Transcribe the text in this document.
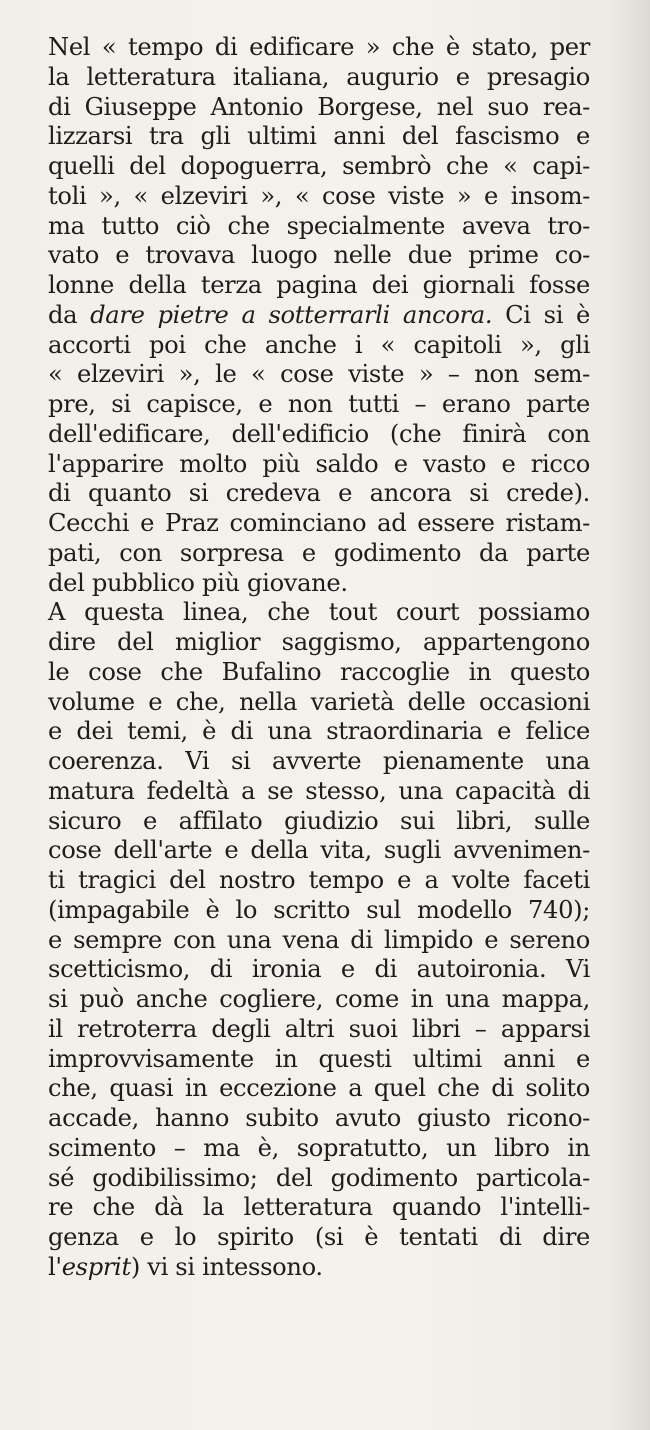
Nel « tempo di edificare » che è stato, per
la letteratura italiana, augurio e presagio
di Giuseppe Antonio Borgese, nel suo rea-
lizzarsi tra gli ultimi anni del fascismo e
quelli del dopoguerra, sembrò che « capi-
toli », « elzeviri », « cose viste » e insom-
ma tutto ciò che specialmente aveva tro-
vato e trovava luogo nelle due prime co-
lonne della terza pagina dei giornali fosse
da dare pietre a sotterrarli ancora. Ci si è
accorti poi che anche i « capitoli », gli
« elzeviri », le « cose viste » – non sem-
pre, si capisce, e non tutti – erano parte
dell'edificare, dell'edificio (che finirà con
l'apparire molto più saldo e vasto e ricco
di quanto si credeva e ancora si crede).
Cecchi e Praz cominciano ad essere ristam-
pati, con sorpresa e godimento da parte
del pubblico più giovane.
A questa linea, che tout court possiamo
dire del miglior saggismo, appartengono
le cose che Bufalino raccoglie in questo
volume e che, nella varietà delle occasioni
e dei temi, è di una straordinaria e felice
coerenza. Vi si avverte pienamente una
matura fedeltà a se stesso, una capacità di
sicuro e affilato giudizio sui libri, sulle
cose dell'arte e della vita, sugli avvenimen-
ti tragici del nostro tempo e a volte faceti
(impagabile è lo scritto sul modello 740);
e sempre con una vena di limpido e sereno
scetticismo, di ironia e di autoironia. Vi
si può anche cogliere, come in una mappa,
il retroterra degli altri suoi libri – apparsi
improvvisamente in questi ultimi anni e
che, quasi in eccezione a quel che di solito
accade, hanno subito avuto giusto ricono-
scimento – ma è, sopratutto, un libro in
sé godibilissimo; del godimento particola-
re che dà la letteratura quando l'intelli-
genza e lo spirito (si è tentati di dire
l'esprit) vi si intessono.
